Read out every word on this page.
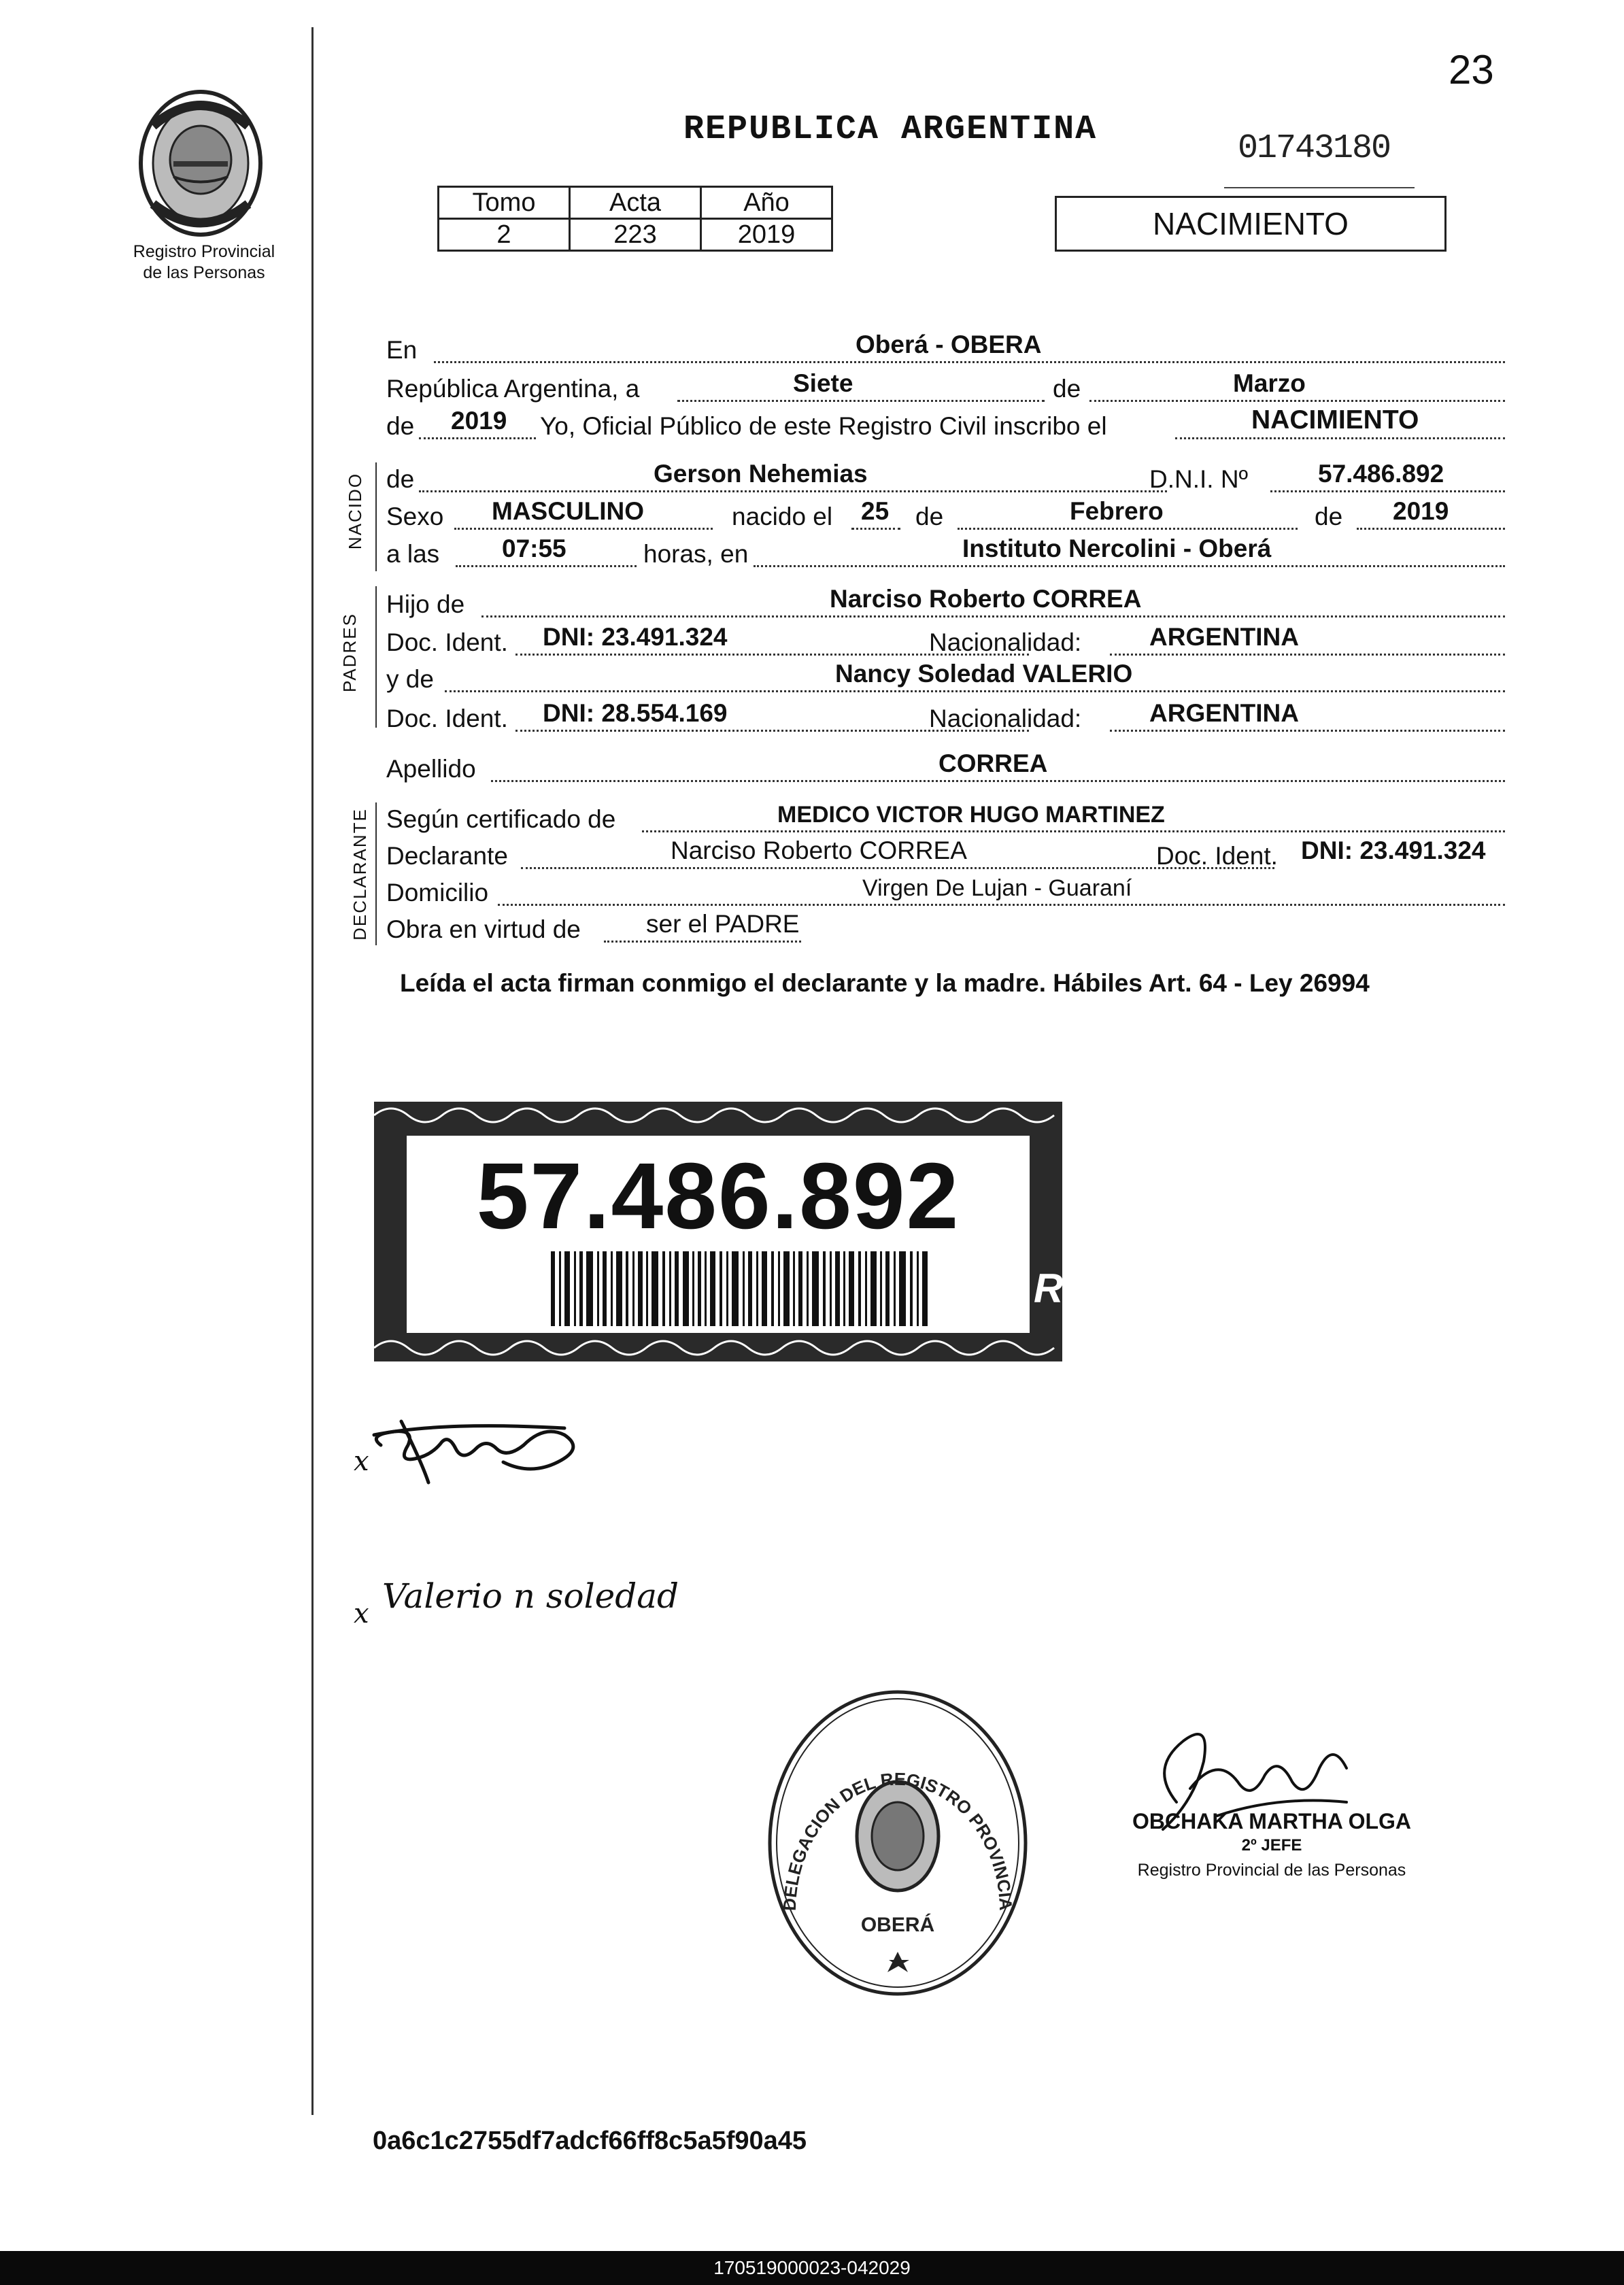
23
Registro Provincial
de las Personas
REPUBLICA ARGENTINA	01743180
Tomo	Acta	Año
2	223	2019	NACIMIENTO
En	Oberá - OBERA
República Argentina, a	Siete	de	Marzo
de 2019 Yo, Oficial Público de este Registro Civil inscribo el	NACIMIENTO
de	Gerson Nehemias	D.N.I. Nº	57.486.892
Sexo MASCULINO	nacido el 25 de	Febrero	de 2019
a las 07:55	horas, en	Instituto Nercolini - Oberá
Hijo de	Narciso Roberto CORREA
Doc. Ident. DNI: 23.491.324	Nacionalidad:	ARGENTINA
y de	Nancy Soledad VALERIO
Doc. Ident. DNI: 28.554.169	Nacionalidad:	ARGENTINA
Apellido	CORREA
Según certificado de	MEDICO VICTOR HUGO MARTINEZ
Declarante	Narciso Roberto CORREA	Doc. Ident. DNI: 23.491.324
Domicilio	Virgen De Lujan - Guaraní
Obra en virtud de	ser el PADRE
NACIDO
PADRES
DECLARANTE
Leída el acta firman conmigo el declarante y la madre. Hábiles Art. 64 - Ley 26994
57.486.892
R
x
x Valerio n soledad
DELEGACION DEL REGISTRO PROVINCIA
OBERÁ
OBCHAKA MARTHA OLGA
2º JEFE
Registro Provincial de las Personas
0a6c1c2755df7adcf66ff8c5a5f90a45
170519000023-042029
